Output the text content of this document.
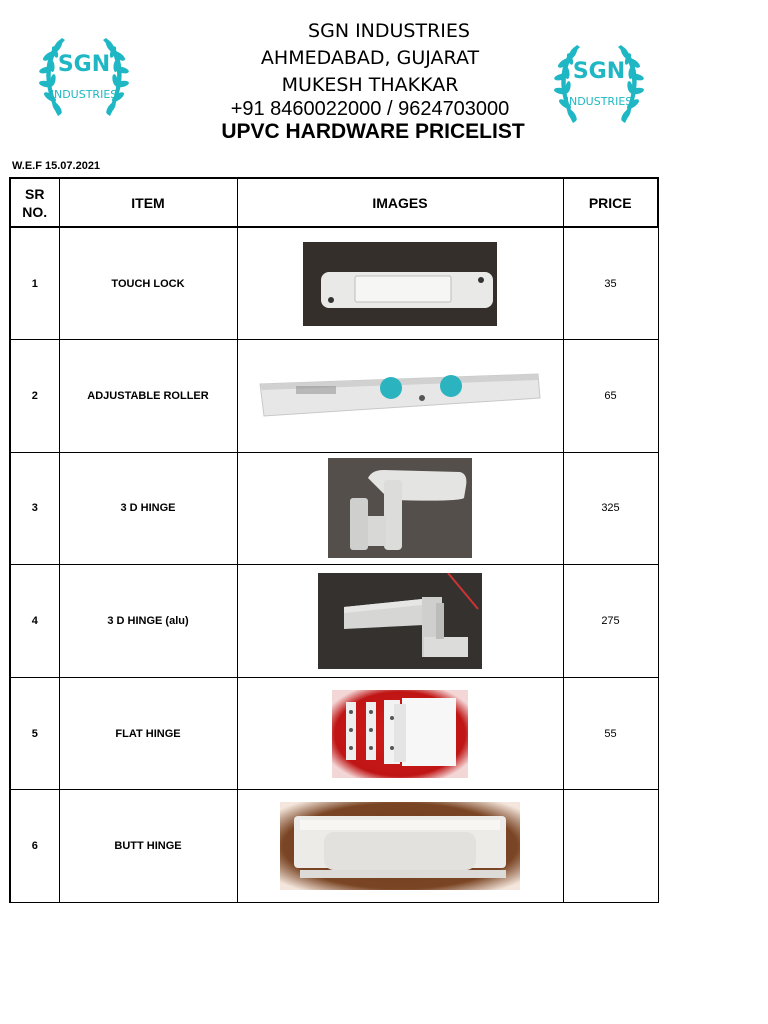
SGN
INDUSTRIES
SGN
INDUSTRIES
SGN INDUSTRIES
AHMEDABAD, GUJARAT
MUKESH THAKKAR
+91 8460022000 / 9624703000
UPVC HARDWARE PRICELIST
W.E.F 15.07.2021
SR NO.	ITEM	IMAGES	PRICE
1	TOUCH LOCK		35
2	ADJUSTABLE ROLLER		65
3	3 D HINGE		325
4	3 D HINGE (alu)		275
5	FLAT HINGE		55
6	BUTT HINGE	
